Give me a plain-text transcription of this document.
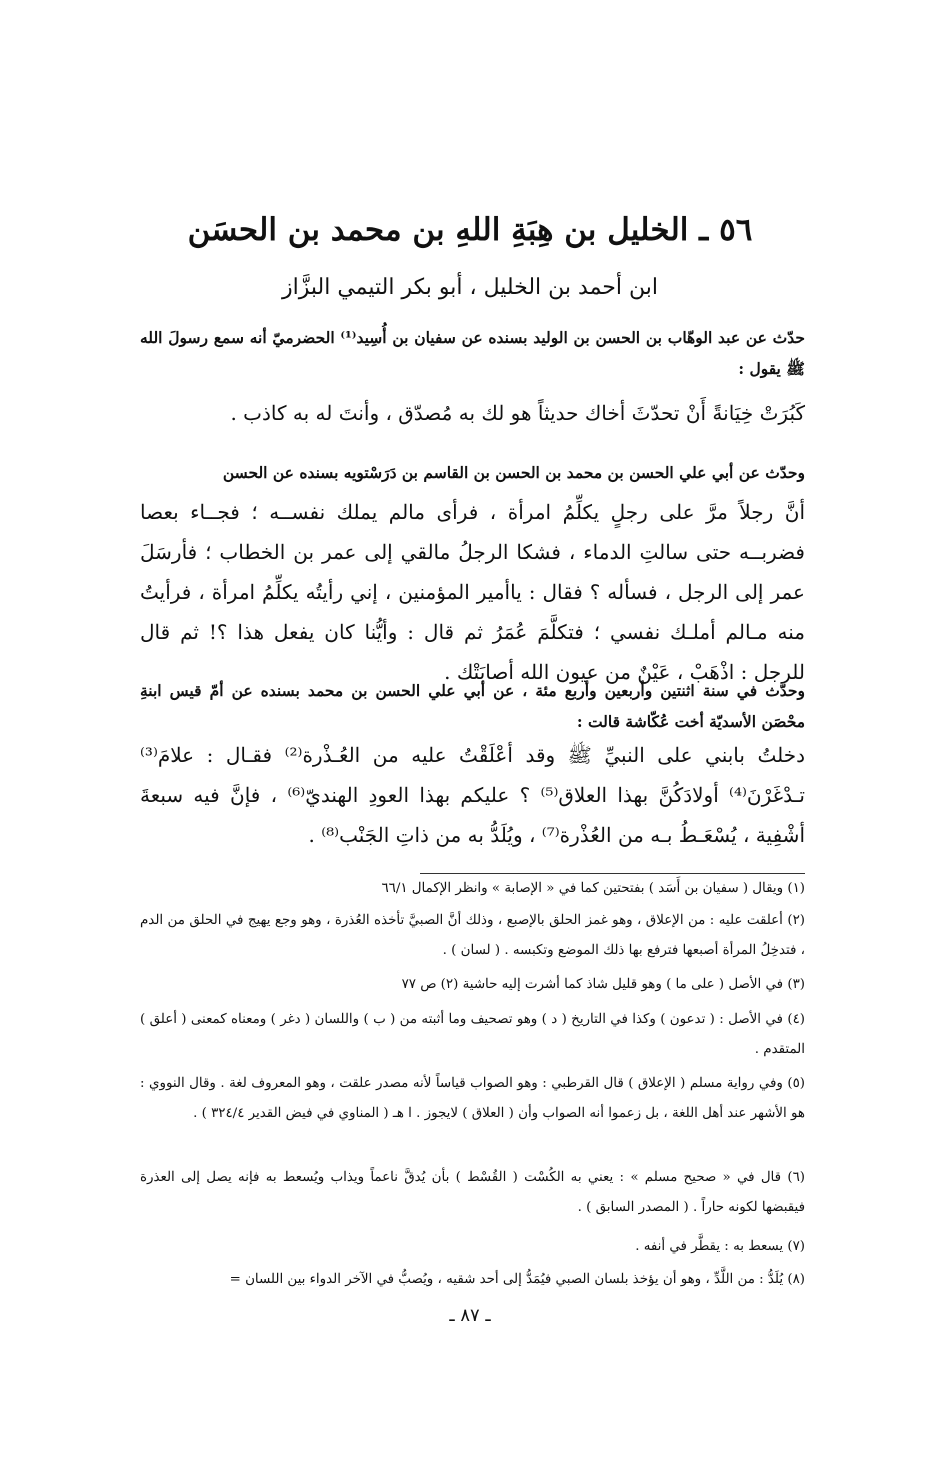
٥٦ ـ الخليل بن هِبَةِ اللهِ بن محمد بن الحسَن
ابن أحمد بن الخليل ، أبو بكر التيمي البزَّاز
حدّث عن عبد الوهّاب بن الحسن بن الوليد بسنده عن سفيان بن أُسِيد⁽¹⁾ الحضرميّ أنه سمع رسولَ الله ﷺ يقول :
كَبُرَتْ خِيَانةً أَنْ تحدّثَ أخاك حديثاً هو لك به مُصدّق ، وأنتَ له به كاذب .
وحدّث عن أبي علي الحسن بن محمد بن الحسن بن القاسم بن دَرَسْتويه بسنده عن الحسن
أنَّ رجلاً مرَّ على رجلٍ يكلِّمُ امرأة ، فرأى مالم يملك نفســه ؛ فجــاء بعصا فضربــه حتى سالتِ الدماء ، فشكا الرجلُ مالقي إلى عمر بن الخطاب ؛ فأرسَلَ عمر إلى الرجل ، فسأله ؟ فقال : ياأمير المؤمنين ، إني رأيتُه يكلِّمُ امرأة ، فرأيتُ منه مـالم أملـك نفسي ؛ فتكلَّمَ عُمَرُ ثم قال : وأيُّنا كان يفعل هذا ؟! ثم قال للرجل : اذْهَبْ ، عَيْنٌ من عيون الله أصابَتْك .
وحدّث في سنة اثنتين وأربعين وأربع مئة ، عن أبي علي الحسن بن محمد بسنده عن أمّ قيس ابنةِ محْصَن الأسديّة أخت عُكّاشة قالت :
دخلتُ بابني على النبيِّ ﷺ وقد أعْلَقْتُ عليه من العُـذْرة⁽²⁾ فقـال : علامَ⁽³⁾ تـدْغَرْنَ⁽⁴⁾ أولادَكُنَّ بهذا العلاق⁽⁵⁾ ؟ عليكم بهذا العودِ الهنديّ⁽⁶⁾ ، فإنَّ فيه سبعةَ أشْفِية ، يُسْعَـطُ بـه من العُذْرة⁽⁷⁾ ، ويُلَدُّ به من ذاتِ الجَنْب⁽⁸⁾ .
(١) ويقال ( سفيان بن أَسَد ) بفتحتين كما في « الإصابة » وانظر الإكمال ٦٦/١
(٢) أعلقت عليه : من الإعلاق ، وهو غمز الحلق بالإصبع ، وذلك أنَّ الصبيَّ تأخذه العُذرة ، وهو وجع يهيج في الحلق من الدم ، فتدخِلُ المرأة أصبعها فترفع بها ذلك الموضع وتكبسه . ( لسان ) .
(٣) في الأصل ( على ما ) وهو قليل شاذ كما أشرت إليه حاشية (٢) ص ٧٧
(٤) في الأصل : ( تدعون ) وكذا في التاريخ ( د ) وهو تصحيف وما أثبته من ( ب ) واللسان ( دغر ) ومعناه كمعنى ( أعلق ) المتقدم .
(٥) وفي رواية مسلم ( الإعلاق ) قال القرطبي : وهو الصواب قياساً لأنه مصدر علقت ، وهو المعروف لغة . وقال النووي : هو الأشهر عند أهل اللغة ، بل زعموا أنه الصواب وأن ( العلاق ) لايجوز . ا هـ ( المناوي في فيض القدير ٣٢٤/٤ ) .
(٦) قال في « صحيح مسلم » : يعني به الكُسْت ( القُسْط ) بأن يُدقَّ ناعماً ويذاب ويُسعط به فإنه يصل إلى العذرة فيقبضها لكونه حاراً . ( المصدر السابق ) .
(٧) يسعط به : يقطَّر في أنفه .
(٨) يُلَدُّ : من اللَّدِّ ، وهو أن يؤخذ بلسان الصبي فيُمَدُّ إلى أحد شقيه ، ويُصبُّ في الآخر الدواء بين اللسان =
ـ ٨٧ ـ
